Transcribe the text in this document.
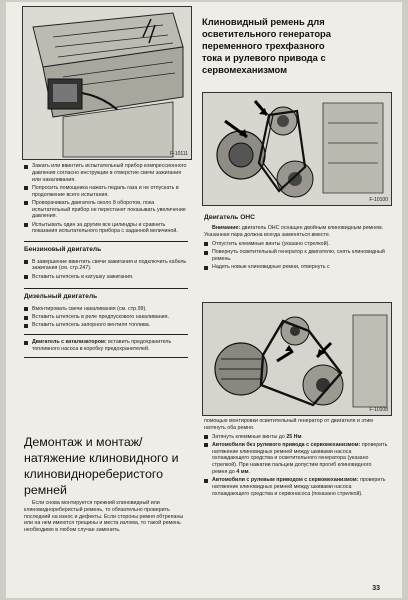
F-10111
Зажать или ввинтить испытательный прибор компрессионного давления согласно инструкции в отверстие свечи зажигания или накаливания.
Попросить помощника нажать педаль газа и не отпускать в продолжение всего испытания.
Проворачивать двигатель около 8 оборотов, пока испытательный прибор не перестанет показывать увеличение давления.
Испытывать один за другим все цилиндры и сравнить показания испытательного прибора с заданной величиной.
Бензиновый двигатель
В завершение ввинтить свечи зажигания и подключить кабель зажигания (см. стр.247).
Вставить штепсель в катушку зажигания.
Дизельный двигатель
Вмонтировать свечи накаливания (см. стр.99).
Вставить штепсель в реле предпускового накаливания.
Вставить штепсель запорного вентиля топлива.
Двигатель с катализатором: вставить предохранитель топливного насоса в коробку предохранителей.
Демонтаж и монтаж/
натяжение клиновидного и
клиновиднореберистого
ремней

Если снова монтируется прежний клиновидный или клиновиднореберистый ремень, то обязательно проверить последний на износ и дефекты. Если стороны ремня обтрепаны или на нем имеются трещины и места излома, то такой ремень необходимо в любом случае заменить.

Клиновидный ремень для
осветительного генератора
переменного трехфазного
тока и рулевого привода с
сервомеханизмом
F-10100
Двигатель ОНС

Внимание: двигатель ОНС оснащен двойным клиновидным ремнем. Указанная пара должна всегда заменяться вместе.

Отпустить клеммные винты (указано стрелкой).
Повернуть осветительный генератор к двигателю, снять клиновидный ремень.
Надеть новые клиновидные ремни, отвернуть с
F-10108

помощью монтировки осветительный генератор от двигателя и этим натянуть оба ремня.

Затянуть клеммные винты до 25 Нм.
Автомобили без рулевого привода с сервомеханизмом: проверить натяжение клиновидных ремней между шкивами насоса охлаждающего средства и осветительного генератора (указано стрелкой). При нажатии пальцем допустим прогиб клиновидного ремня до 4 мм.
Автомобили с рулевым приводом с сервомеханизмом: проверить натяжение клиновидных ремней между шкивами насоса охлаждающего средства и сервонасоса (показано стрелкой).
33
